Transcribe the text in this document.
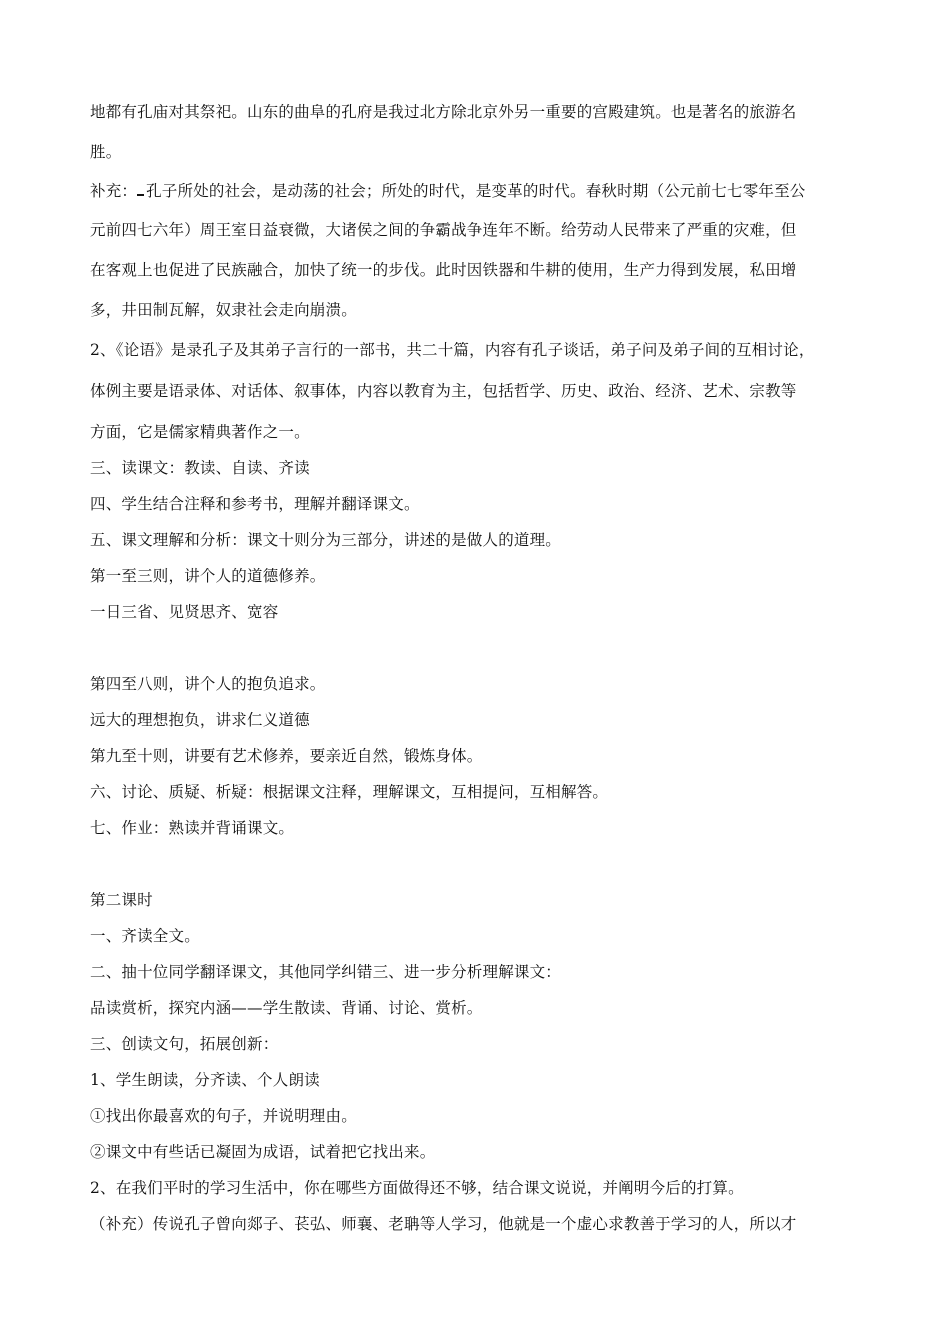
地都有孔庙对其祭祀。山东的曲阜的孔府是我过北方除北京外另一重要的宫殿建筑。也是著名的旅游名
胜。
补充： 孔子所处的社会，是动荡的社会；所处的时代，是变革的时代。春秋时期（公元前七七零年至公
元前四七六年）周王室日益衰微，大诸侯之间的争霸战争连年不断。给劳动人民带来了严重的灾难，但
在客观上也促进了民族融合，加快了统一的步伐。此时因铁器和牛耕的使用，生产力得到发展，私田增
多，井田制瓦解，奴隶社会走向崩溃。
2、《论语》是录孔子及其弟子言行的一部书，共二十篇，内容有孔子谈话，弟子问及弟子间的互相讨论，
体例主要是语录体、对话体、叙事体，内容以教育为主，包括哲学、历史、政治、经济、艺术、宗教等
方面，它是儒家精典著作之一。
三、读课文：教读、自读、齐读
四、学生结合注释和参考书，理解并翻译课文。
五、课文理解和分析：课文十则分为三部分，讲述的是做人的道理。
第一至三则，讲个人的道德修养。
一日三省、见贤思齐、宽容
第四至八则，讲个人的抱负追求。
远大的理想抱负，讲求仁义道德
第九至十则，讲要有艺术修养，要亲近自然，锻炼身体。
六、讨论、质疑、析疑：根据课文注释，理解课文，互相提问，互相解答。
七、作业：熟读并背诵课文。
第二课时
一、齐读全文。
二、抽十位同学翻译课文，其他同学纠错三、进一步分析理解课文：
品读赏析，探究内涵——学生散读、背诵、讨论、赏析。
三、创读文句，拓展创新：
1、学生朗读，分齐读、个人朗读
①找出你最喜欢的句子，并说明理由。
②课文中有些话已凝固为成语，试着把它找出来。
2、在我们平时的学习生活中，你在哪些方面做得还不够，结合课文说说，并阐明今后的打算。
（补充）传说孔子曾向郯子、苌弘、师襄、老聃等人学习，他就是一个虚心求教善于学习的人，所以才
